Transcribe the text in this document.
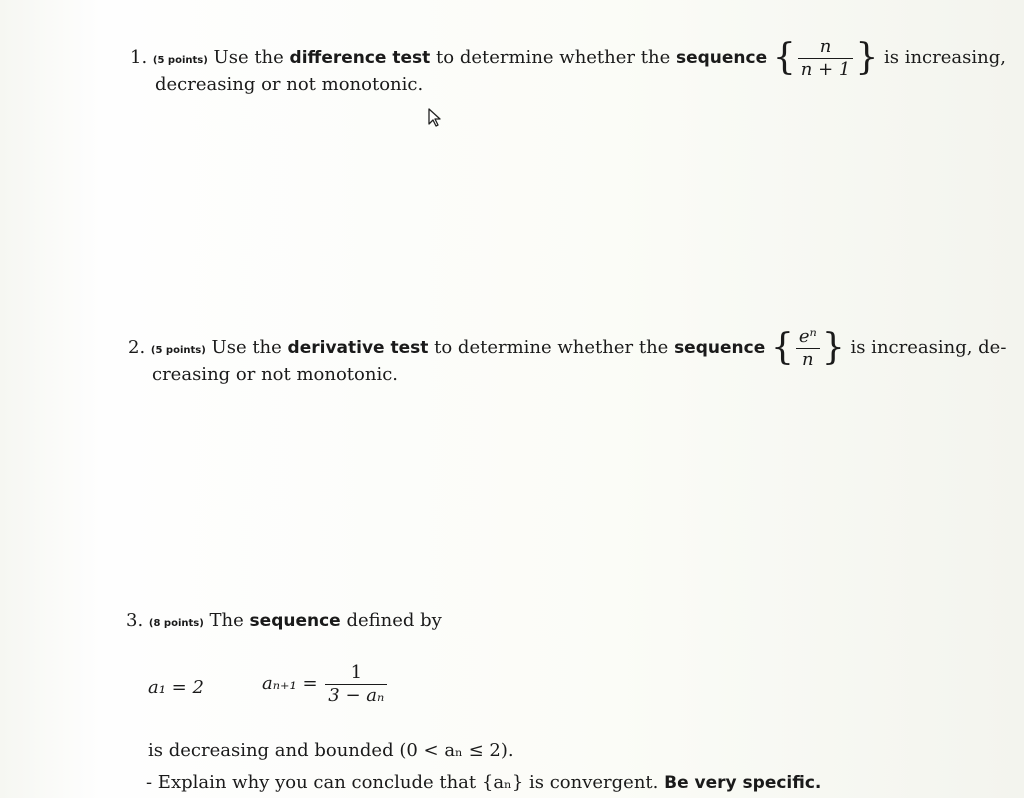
1. (5 points) Use the difference test to determine whether the sequence { $\frac{n}{n + 1}$ } is increasing,
decreasing or not monotonic.
2. (5 points) Use the derivative test to determine whether the sequence { $\frac{\text{eⁿ}}{n}$ } is increasing, de-
creasing or not monotonic.
3. (8 points) The sequence defined by
a₁ = 2	$a_{n+1} = \frac{1}{\text{3 − aₙ}}$
is decreasing and bounded (0 < aₙ ≤ 2).
- Explain why you can conclude that {aₙ} is convergent. Be very specific.
